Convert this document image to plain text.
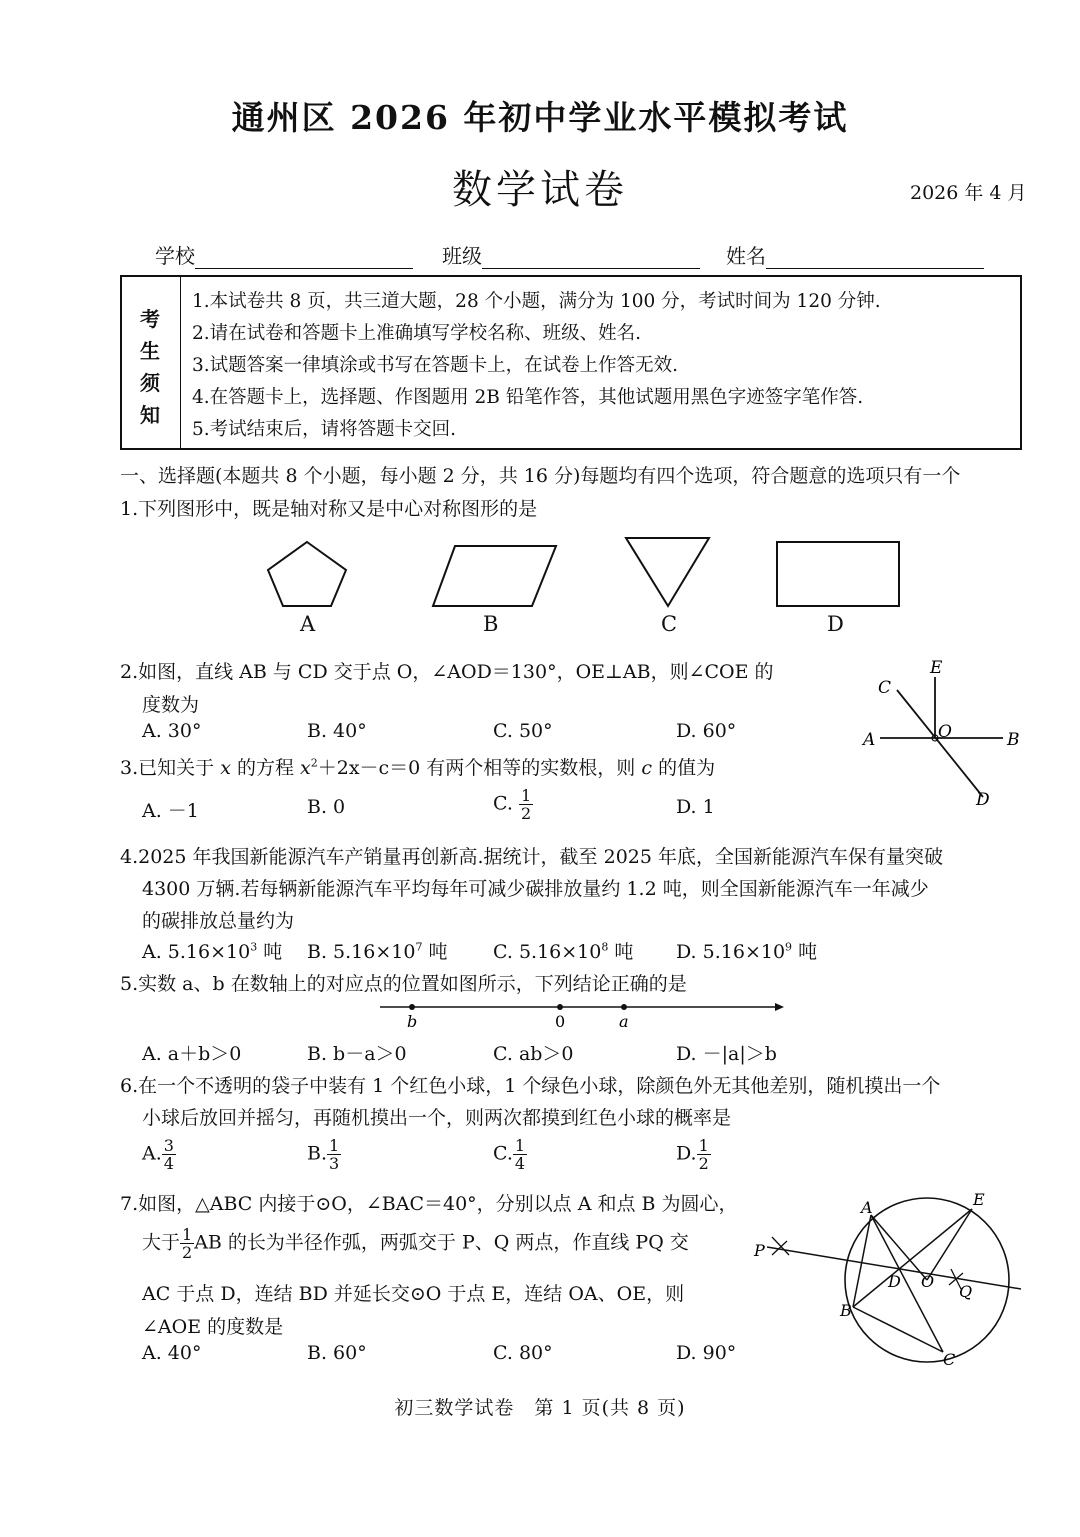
通州区 2026 年初中学业水平模拟考试
数学试卷	2026 年 4 月
学校	班级	姓名
考
生
须
知
1.本试卷共 8 页，共三道大题，28 个小题，满分为 100 分，考试时间为 120 分钟.
2.请在试卷和答题卡上准确填写学校名称、班级、姓名.
3.试题答案一律填涂或书写在答题卡上，在试卷上作答无效.
4.在答题卡上，选择题、作图题用 2B 铅笔作答，其他试题用黑色字迹签字笔作答.
5.考试结束后，请将答题卡交回.
一、选择题(本题共 8 个小题，每小题 2 分，共 16 分)每题均有四个选项，符合题意的选项只有一个
1.下列图形中，既是轴对称又是中心对称图形的是
A	B	C	D
2.如图，直线 AB 与 CD 交于点 O，∠AOD＝130°，OE⊥AB，则∠COE 的
度数为
A. 30°	B. 40°	C. 50°	D. 60°
E
C
A	O	B
D
3.已知关于 x 的方程 $x^2+2x-c=0$ 有两个相等的实数根，则 c 的值为
A. －1	B. 0	C. $\frac{1}{2}$	D. 1
4.2025 年我国新能源汽车产销量再创新高.据统计，截至 2025 年底，全国新能源汽车保有量突破
4300 万辆.若每辆新能源汽车平均每年可减少碳排放量约 1.2 吨，则全国新能源汽车一年减少
的碳排放总量约为
A. $5.16\times 10^3$ 吨 B. $5.16\times 10^7$ 吨 C. $5.16\times 10^8$ 吨 D. $5.16\times 10^9$ 吨
5.实数 a、b 在数轴上的对应点的位置如图所示，下列结论正确的是
b	0	a
A. a＋b＞0	B. b－a＞0	C. ab＞0	D. －|a|＞b
6.在一个不透明的袋子中装有 1 个红色小球，1 个绿色小球，除颜色外无其他差别，随机摸出一个
小球后放回并摇匀，再随机摸出一个，则两次都摸到红色小球的概率是
A. $\frac{3}{4}$	B. $\frac{1}{3}$	C. $\frac{1}{4}$	D. $\frac{1}{2}$
7.如图，△ABC 内接于⊙O，∠BAC＝40°，分别以点 A 和点 B 为圆心，
大于 $\frac{1}{2}$ AB 的长为半径作弧，两弧交于 P、Q 两点，作直线 PQ 交
AC 于点 D，连结 BD 并延长交⊙O 于点 E，连结 OA、OE，则
∠AOE 的度数是
A. 40°	B. 60°	C. 80°	D. 90°
A	E
P
D O
Q
B
C
初三数学试卷　第 1 页(共 8 页)
